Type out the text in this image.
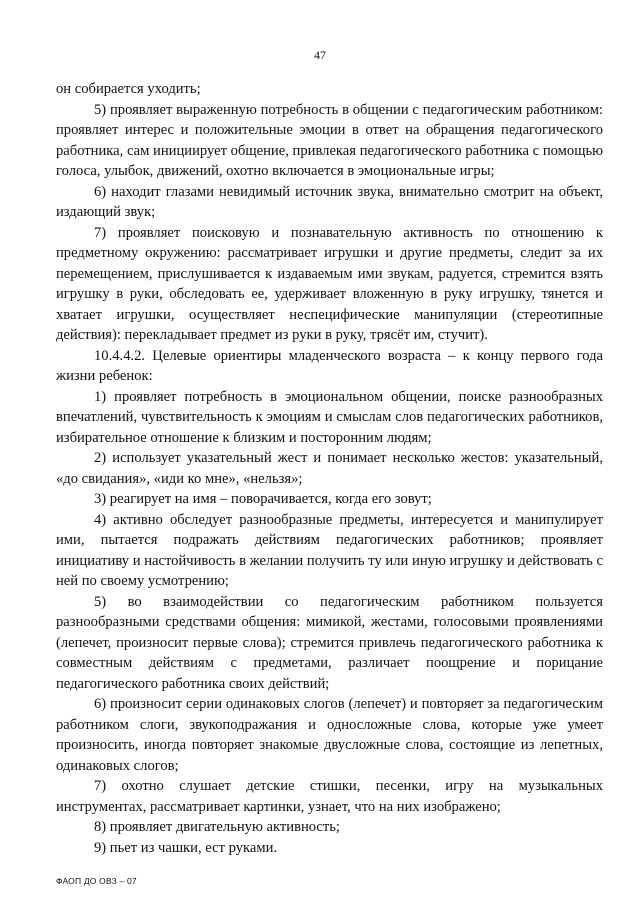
47

он собирается уходить;

5) проявляет выраженную потребность в общении с педагогическим работником: проявляет интерес и положительные эмоции в ответ на обращения педагогического работника, сам инициирует общение, привлекая педагогического работника с помощью голоса, улыбок, движений, охотно включается в эмоциональные игры;

6) находит глазами невидимый источник звука, внимательно смотрит на объект, издающий звук;

7) проявляет поисковую и познавательную активность по отношению к предметному окружению: рассматривает игрушки и другие предметы, следит за их перемещением, прислушивается к издаваемым ими звукам, радуется, стремится взять игрушку в руки, обследовать ее, удерживает вложенную в руку игрушку, тянется и хватает игрушки, осуществляет неспецифические манипуляции (стереотипные действия): перекладывает предмет из руки в руку, трясёт им, стучит).

10.4.4.2. Целевые ориентиры младенческого возраста – к концу первого года жизни ребенок:

1) проявляет потребность в эмоциональном общении, поиске разнообразных впечатлений, чувствительность к эмоциям и смыслам слов педагогических работников, избирательное отношение к близким и посторонним людям;

2) использует указательный жест и понимает несколько жестов: указательный, «до свидания», «иди ко мне», «нельзя»;

3) реагирует на имя – поворачивается, когда его зовут;

4) активно обследует разнообразные предметы, интересуется и манипулирует ими, пытается подражать действиям педагогических работников; проявляет инициативу и настойчивость в желании получить ту или иную игрушку и действовать с ней по своему усмотрению;

5) во взаимодействии со педагогическим работником пользуется разнообразными средствами общения: мимикой, жестами, голосовыми проявлениями (лепечет, произносит первые слова); стремится привлечь педагогического работника к совместным действиям с предметами, различает поощрение и порицание педагогического работника своих действий;

6) произносит серии одинаковых слогов (лепечет) и повторяет за педагогическим работником слоги, звукоподражания и односложные слова, которые уже умеет произносить, иногда повторяет знакомые двусложные слова, состоящие из лепетных, одинаковых слогов;

7) охотно слушает детские стишки, песенки, игру на музыкальных инструментах, рассматривает картинки, узнает, что на них изображено;

8) проявляет двигательную активность;

9) пьет из чашки, ест руками.

ФАОП ДО ОВЗ – 07
